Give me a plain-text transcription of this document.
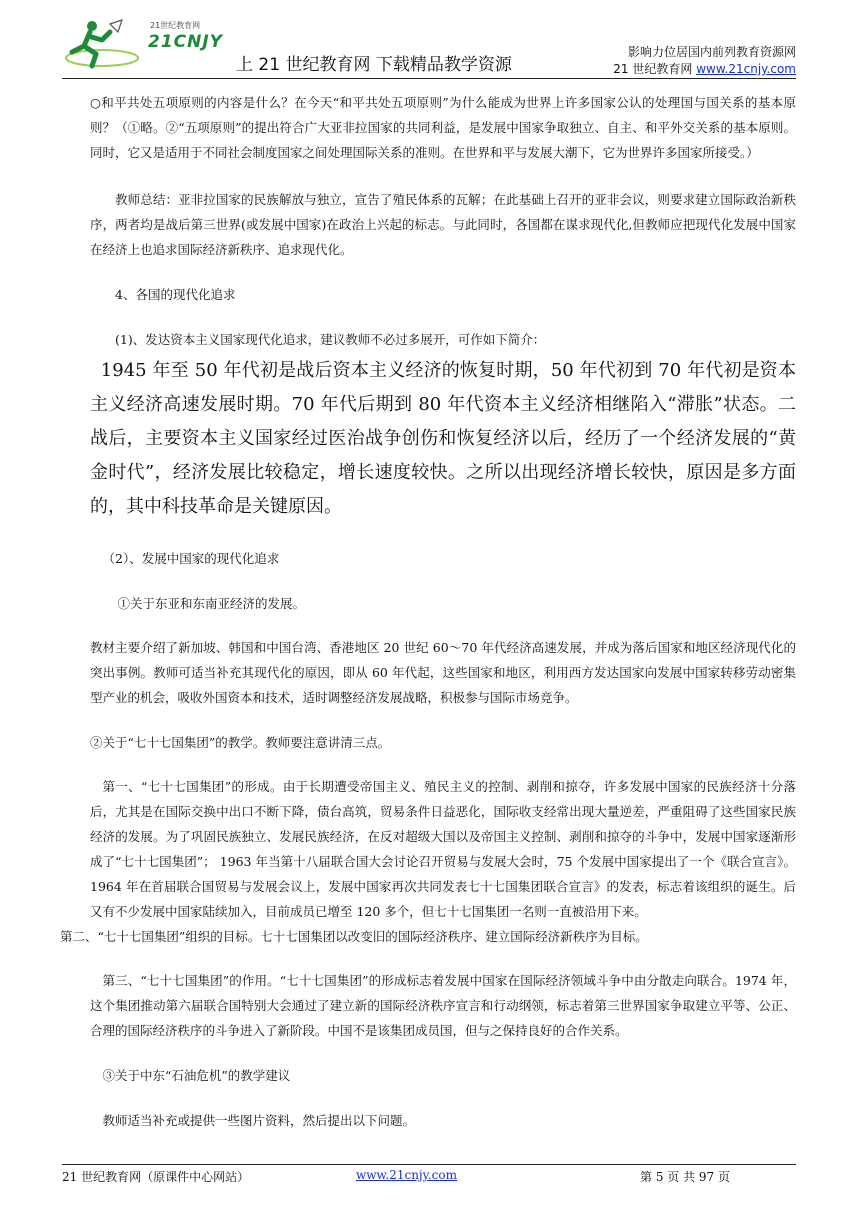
21世纪教育网
21CNJY
上 21 世纪教育网 下载精品教学资源
影响力位居国内前列教育资源网
21 世纪教育网 www.21cnjy.com

○和平共处五项原则的内容是什么？在今天“和平共处五项原则”为什么能成为世界上许多国家公认的处理国与国关系的基本原则？（①略。②“五项原则”的提出符合广大亚非拉国家的共同利益，是发展中国家争取独立、自主、和平外交关系的基本原则。同时，它又是适用于不同社会制度国家之间处理国际关系的准则。在世界和平与发展大潮下，它为世界许多国家所接受。）

教师总结：亚非拉国家的民族解放与独立，宣告了殖民体系的瓦解；在此基础上召开的亚非会议，则要求建立国际政治新秩序，两者均是战后第三世界(或发展中国家)在政治上兴起的标志。与此同时，各国都在谋求现代化,但教师应把现代化发展中国家在经济上也追求国际经济新秩序、追求现代化。

4、各国的现代化追求

(1)、发达资本主义国家现代化追求，建议教师不必过多展开，可作如下简介：

1945 年至 50 年代初是战后资本主义经济的恢复时期，50 年代初到 70 年代初是资本主义经济高速发展时期。70 年代后期到 80 年代资本主义经济相继陷入“滞胀”状态。二战后，主要资本主义国家经过医治战争创伤和恢复经济以后，经历了一个经济发展的“黄金时代”，经济发展比较稳定，增长速度较快。之所以出现经济增长较快，原因是多方面的，其中科技革命是关键原因。

（2）、发展中国家的现代化追求

①关于东亚和东南亚经济的发展。

教材主要介绍了新加坡、韩国和中国台湾、香港地区 20 世纪 60～70 年代经济高速发展，并成为落后国家和地区经济现代化的突出事例。教师可适当补充其现代化的原因，即从 60 年代起，这些国家和地区，利用西方发达国家向发展中国家转移劳动密集型产业的机会，吸收外国资本和技术，适时调整经济发展战略，积极参与国际市场竞争。

②关于“七十七国集团”的教学。教师要注意讲清三点。

第一、“七十七国集团”的形成。由于长期遭受帝国主义、殖民主义的控制、剥削和掠夺，许多发展中国家的民族经济十分落后，尤其是在国际交换中出口不断下降，债台高筑，贸易条件日益恶化，国际收支经常出现大量逆差，严重阻碍了这些国家民族经济的发展。为了巩固民族独立、发展民族经济，在反对超级大国以及帝国主义控制、剥削和掠夺的斗争中，发展中国家逐渐形成了“七十七国集团”； 1963 年当第十八届联合国大会讨论召开贸易与发展大会时，75 个发展中国家提出了一个《联合宣言》。1964 年在首届联合国贸易与发展会议上，发展中国家再次共同发表七十七国集团联合宣言》的发表，标志着该组织的诞生。后又有不少发展中国家陆续加入，目前成员已增至 120 多个，但七十七国集团一名则一直被沿用下来。

第二、“七十七国集团”组织的目标。七十七国集团以改变旧的国际经济秩序、建立国际经济新秩序为目标。

第三、“七十七国集团”的作用。“七十七国集团”的形成标志着发展中国家在国际经济领域斗争中由分散走向联合。1974 年，这个集团推动第六届联合国特别大会通过了建立新的国际经济秩序宣言和行动纲领，标志着第三世界国家争取建立平等、公正、合理的国际经济秩序的斗争进入了新阶段。中国不是该集团成员国，但与之保持良好的合作关系。

③关于中东“石油危机”的教学建议

教师适当补充或提供一些图片资料，然后提出以下问题。

21 世纪教育网（原课件中心网站）	www.21cnjy.com	第 5 页 共 97 页
